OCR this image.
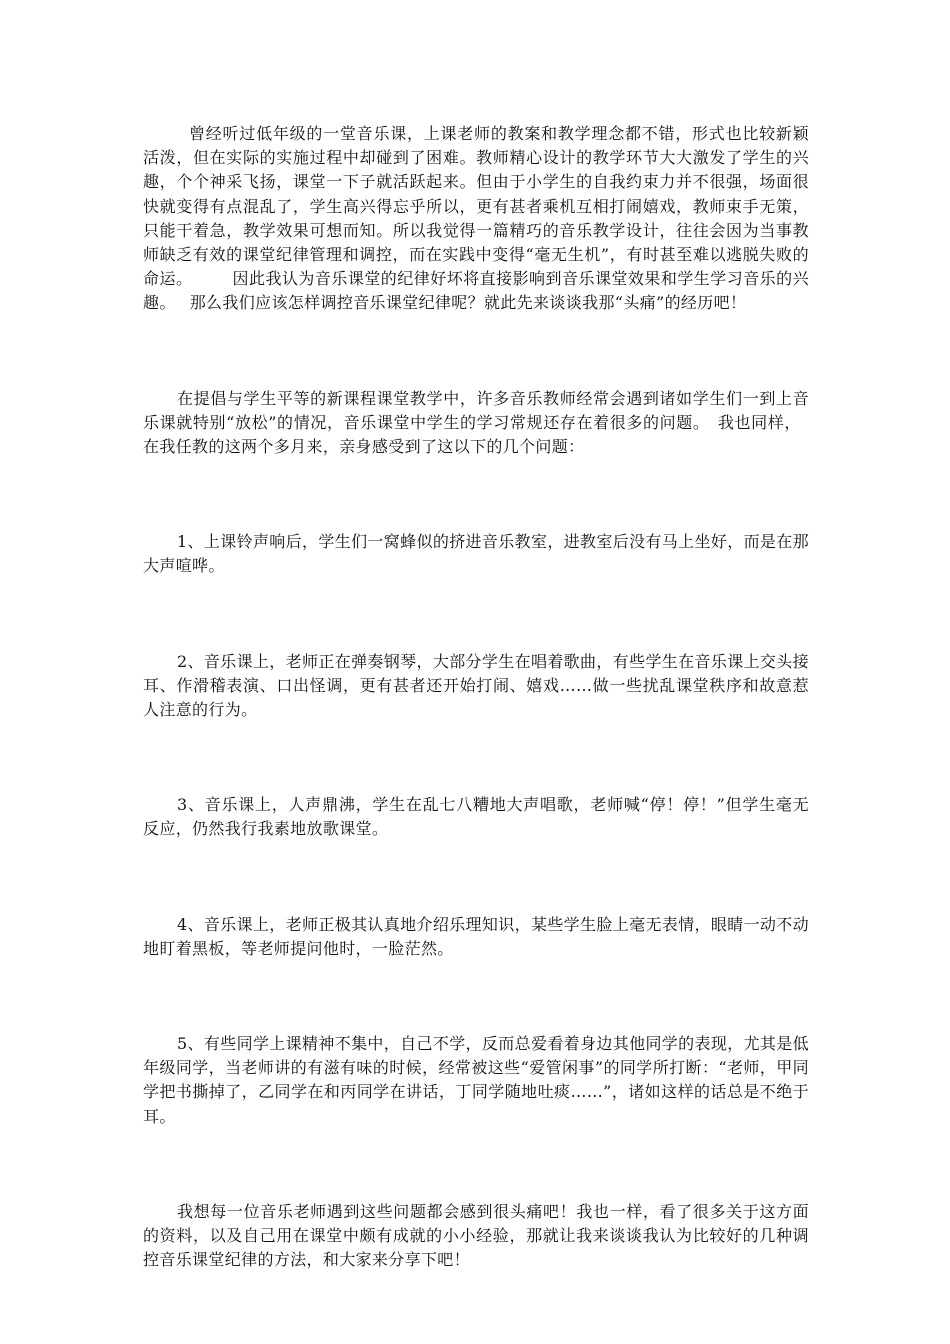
曾经听过低年级的一堂音乐课，上课老师的教案和教学理念都不错，形式也比较新颖活泼，但在实际的实施过程中却碰到了困难。教师精心设计的教学环节大大激发了学生的兴趣，个个神采飞扬，课堂一下子就活跃起来。但由于小学生的自我约束力并不很强，场面很快就变得有点混乱了，学生高兴得忘乎所以，更有甚者乘机互相打闹嬉戏，教师束手无策，只能干着急，教学效果可想而知。所以我觉得一篇精巧的音乐教学设计，往往会因为当事教师缺乏有效的课堂纪律管理和调控，而在实践中变得“毫无生机”，有时甚至难以逃脱失败的命运。	因此我认为音乐课堂的纪律好坏将直接影响到音乐课堂效果和学生学习音乐的兴趣。 那么我们应该怎样调控音乐课堂纪律呢？就此先来谈谈我那“头痛”的经历吧！

在提倡与学生平等的新课程课堂教学中，许多音乐教师经常会遇到诸如学生们一到上音乐课就特别“放松”的情况，音乐课堂中学生的学习常规还存在着很多的问题。 我也同样，在我任教的这两个多月来，亲身感受到了这以下的几个问题：

1、上课铃声响后，学生们一窝蜂似的挤进音乐教室，进教室后没有马上坐好，而是在那大声喧哗。

2、音乐课上，老师正在弹奏钢琴，大部分学生在唱着歌曲，有些学生在音乐课上交头接耳、作滑稽表演、口出怪调，更有甚者还开始打闹、嬉戏……做一些扰乱课堂秩序和故意惹人注意的行为。

3、音乐课上，人声鼎沸，学生在乱七八糟地大声唱歌，老师喊“停！停！”但学生毫无反应，仍然我行我素地放歌课堂。

4、音乐课上，老师正极其认真地介绍乐理知识，某些学生脸上毫无表情，眼睛一动不动地盯着黑板，等老师提问他时，一脸茫然。

5、有些同学上课精神不集中，自己不学，反而总爱看着身边其他同学的表现，尤其是低年级同学，当老师讲的有滋有味的时候，经常被这些“爱管闲事”的同学所打断：“老师，甲同学把书撕掉了，乙同学在和丙同学在讲话，丁同学随地吐痰……”，诸如这样的话总是不绝于耳。

我想每一位音乐老师遇到这些问题都会感到很头痛吧！我也一样，看了很多关于这方面的资料，以及自己用在课堂中颇有成就的小小经验，那就让我来谈谈我认为比较好的几种调控音乐课堂纪律的方法，和大家来分享下吧！
